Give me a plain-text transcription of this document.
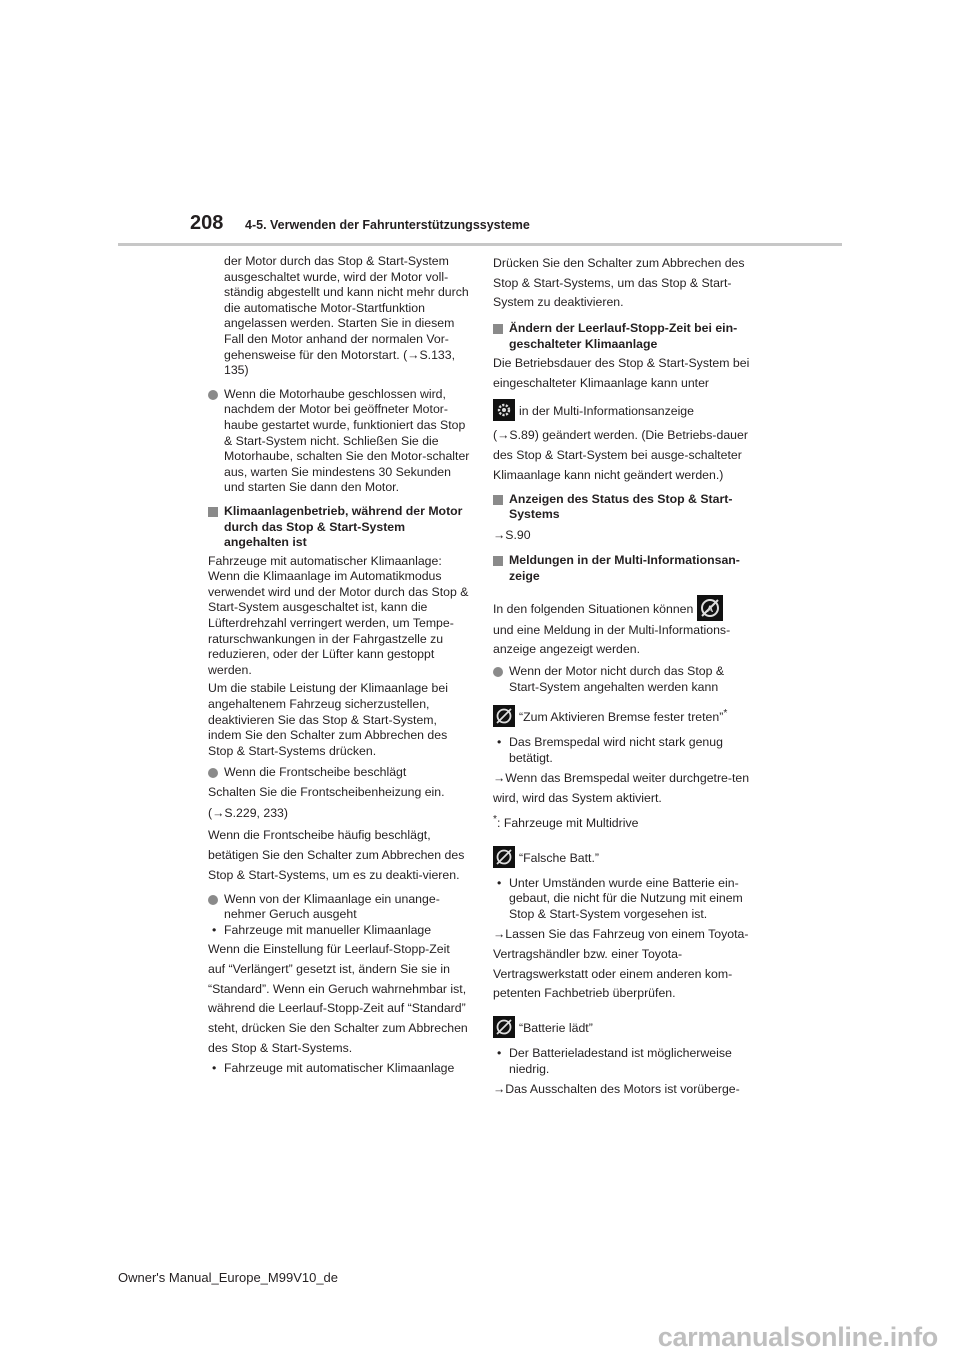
208 4-5. Verwenden der Fahrunterstützungssysteme

der Motor durch das Stop & Start-System ausgeschaltet wurde, wird der Motor voll-ständig abgestellt und kann nicht mehr durch die automatische Motor-Startfunktion angelassen werden. Starten Sie in diesem Fall den Motor anhand der normalen Vor-gehensweise für den Motorstart. (→S.133, 135)

Wenn die Motorhaube geschlossen wird, nachdem der Motor bei geöffneter Motor-haube gestartet wurde, funktioniert das Stop & Start-System nicht. Schließen Sie die Motorhaube, schalten Sie den Motor-schalter aus, warten Sie mindestens 30 Sekunden und starten Sie dann den Motor.

Klimaanlagenbetrieb, während der Motor durch das Stop & Start-System angehalten ist

Fahrzeuge mit automatischer Klimaanlage: Wenn die Klimaanlage im Automatikmodus verwendet wird und der Motor durch das Stop & Start-System ausgeschaltet ist, kann die Lüfterdrehzahl verringert werden, um Tempe-raturschwankungen in der Fahrgastzelle zu reduzieren, oder der Lüfter kann gestoppt werden.

Um die stabile Leistung der Klimaanlage bei angehaltenem Fahrzeug sicherzustellen, deaktivieren Sie das Stop & Start-System, indem Sie den Schalter zum Abbrechen des Stop & Start-Systems drücken.

Wenn die Frontscheibe beschlägt

Schalten Sie die Frontscheibenheizung ein.

(→S.229, 233)

Wenn die Frontscheibe häufig beschlägt, betätigen Sie den Schalter zum Abbrechen des Stop & Start-Systems, um es zu deakti-vieren.

Wenn von der Klimaanlage ein unange-nehmer Geruch ausgeht

• Fahrzeuge mit manueller Klimaanlage

Wenn die Einstellung für Leerlauf-Stopp-Zeit auf “Verlängert” gesetzt ist, ändern Sie sie in “Standard”. Wenn ein Geruch wahrnehmbar ist, während die Leerlauf-Stopp-Zeit auf “Standard” steht, drücken Sie den Schalter zum Abbrechen des Stop & Start-Systems.

• Fahrzeuge mit automatischer Klimaanlage

Drücken Sie den Schalter zum Abbrechen des Stop & Start-Systems, um das Stop & Start-System zu deaktivieren.

Ändern der Leerlauf-Stopp-Zeit bei ein-geschalteter Klimaanlage

Die Betriebsdauer des Stop & Start-System bei eingeschalteter Klimaanlage kann unter

in der Multi-Informationsanzeige

(→S.89) geändert werden. (Die Betriebs-dauer des Stop & Start-System bei ausge-schalteter Klimaanlage kann nicht geändert werden.)

Anzeigen des Status des Stop & Start-Systems

→S.90

Meldungen in der Multi-Informationsan-zeige

In den folgenden Situationen können A

und eine Meldung in der Multi-Informations-anzeige angezeigt werden.

Wenn der Motor nicht durch das Stop & Start-System angehalten werden kann

“Zum Aktivieren Bremse fester treten”*

• Das Bremspedal wird nicht stark genug betätigt.

→Wenn das Bremspedal weiter durchgetre-ten wird, wird das System aktiviert.

*: Fahrzeuge mit Multidrive

“Falsche Batt.”

• Unter Umständen wurde eine Batterie ein-gebaut, die nicht für die Nutzung mit einem Stop & Start-System vorgesehen ist.

→Lassen Sie das Fahrzeug von einem Toyota-Vertragshändler bzw. einer Toyota-Vertragswerkstatt oder einem anderen kom-petenten Fachbetrieb überprüfen.

“Batterie lädt”

• Der Batterieladestand ist möglicherweise niedrig.

→Das Ausschalten des Motors ist vorüberge-

Owner's Manual_Europe_M99V10_de
carmanualsonline.info
